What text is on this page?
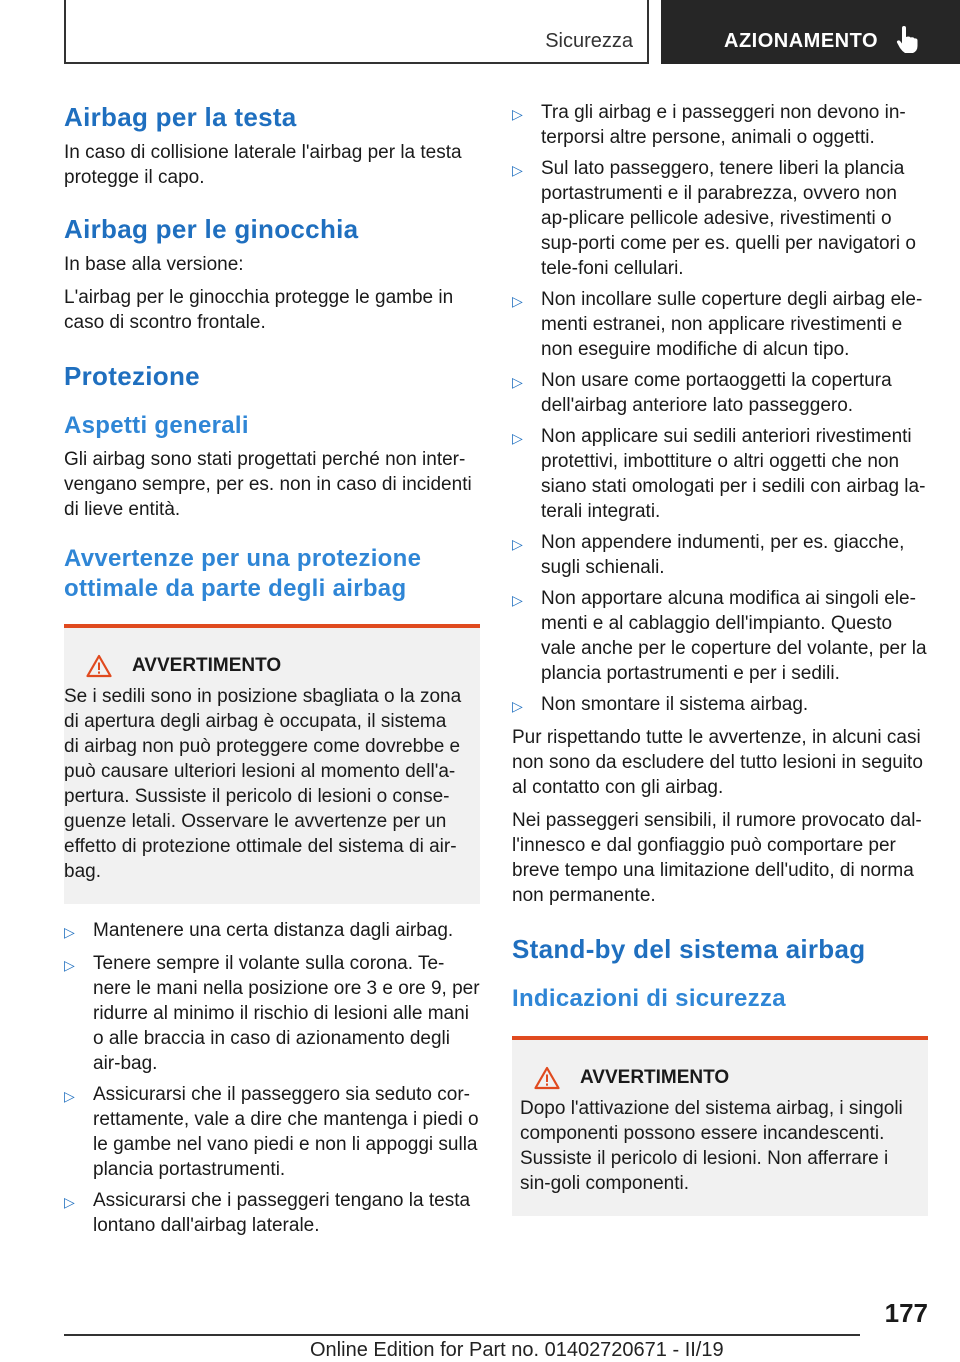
Sicurezza	AZIONAMENTO
Airbag per la testa

In caso di collisione laterale l'airbag per la testa protegge il capo.

Airbag per le ginocchia

In base alla versione:

L'airbag per le ginocchia protegge le gambe in caso di scontro frontale.

Protezione
Aspetti generali

Gli airbag sono stati progettati perché non inter-vengano sempre, per es. non in caso di incidenti di lieve entità.

Avvertenze per una protezione ottimale da parte degli airbag
AVVERTIMENTO

Se i sedili sono in posizione sbagliata o la zona di apertura degli airbag è occupata, il sistema di airbag non può proteggere come dovrebbe e può causare ulteriori lesioni al momento dell'a-pertura. Sussiste il pericolo di lesioni o conse-guenze letali. Osservare le avvertenze per un effetto di protezione ottimale del sistema di air-bag.

▷ Mantenere una certa distanza dagli airbag.
▷ Tenere sempre il volante sulla corona. Te-nere le mani nella posizione ore 3 e ore 9, per ridurre al minimo il rischio di lesioni alle mani o alle braccia in caso di azionamento degli air-bag.
▷ Assicurarsi che il passeggero sia seduto cor-rettamente, vale a dire che mantenga i piedi o le gambe nel vano piedi e non li appoggi sulla plancia portastrumenti.
▷ Assicurarsi che i passeggeri tengano la testa lontano dall'airbag laterale.
▷ Tra gli airbag e i passeggeri non devono in-terporsi altre persone, animali o oggetti.
▷ Sul lato passeggero, tenere liberi la plancia portastrumenti e il parabrezza, ovvero non ap-plicare pellicole adesive, rivestimenti o sup-porti come per es. quelli per navigatori o tele-foni cellulari.
▷ Non incollare sulle coperture degli airbag ele-menti estranei, non applicare rivestimenti e non eseguire modifiche di alcun tipo.
▷ Non usare come portaoggetti la copertura dell'airbag anteriore lato passeggero.
▷ Non applicare sui sedili anteriori rivestimenti protettivi, imbottiture o altri oggetti che non siano stati omologati per i sedili con airbag la-terali integrati.
▷ Non appendere indumenti, per es. giacche, sugli schienali.
▷ Non apportare alcuna modifica ai singoli ele-menti e al cablaggio dell'impianto. Questo vale anche per le coperture del volante, per la plancia portastrumenti e per i sedili.
▷ Non smontare il sistema airbag.

Pur rispettando tutte le avvertenze, in alcuni casi non sono da escludere del tutto lesioni in seguito al contatto con gli airbag.

Nei passeggeri sensibili, il rumore provocato dal-l'innesco e dal gonfiaggio può comportare per breve tempo una limitazione dell'udito, di norma non permanente.

Stand-by del sistema airbag
Indicazioni di sicurezza
AVVERTIMENTO

Dopo l'attivazione del sistema airbag, i singoli componenti possono essere incandescenti. Sussiste il pericolo di lesioni. Non afferrare i sin-goli componenti.

177
Online Edition for Part no. 01402720671 - II/19
